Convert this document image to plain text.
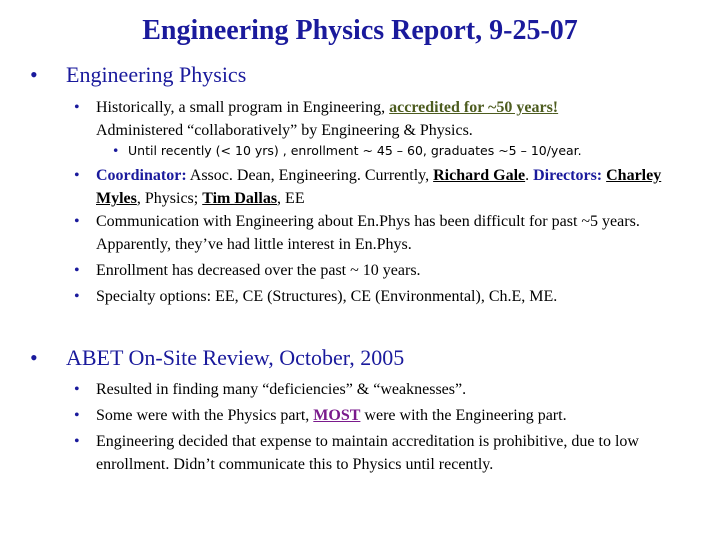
Engineering Physics Report, 9-25-07
• Engineering Physics
• Historically, a small program in Engineering, accredited for ~50 years!
Administered “collaboratively” by Engineering & Physics.
• Until recently (< 10 yrs) , enrollment ~ 45 – 60, graduates ~5 – 10/year.
• Coordinator: Assoc. Dean, Engineering. Currently, Richard Gale. Directors: Charley Myles, Physics; Tim Dallas, EE
• Communication with Engineering about En.Phys has been difficult for past ~5 years. Apparently, they’ve had little interest in En.Phys.
• Enrollment has decreased over the past ~ 10 years.
• Specialty options: EE, CE (Structures), CE (Environmental), Ch.E, ME.
• ABET On-Site Review, October, 2005
• Resulted in finding many “deficiencies” & “weaknesses”.
• Some were with the Physics part, MOST were with the Engineering part.
• Engineering decided that expense to maintain accreditation is prohibitive, due to low enrollment. Didn’t communicate this to Physics until recently.
